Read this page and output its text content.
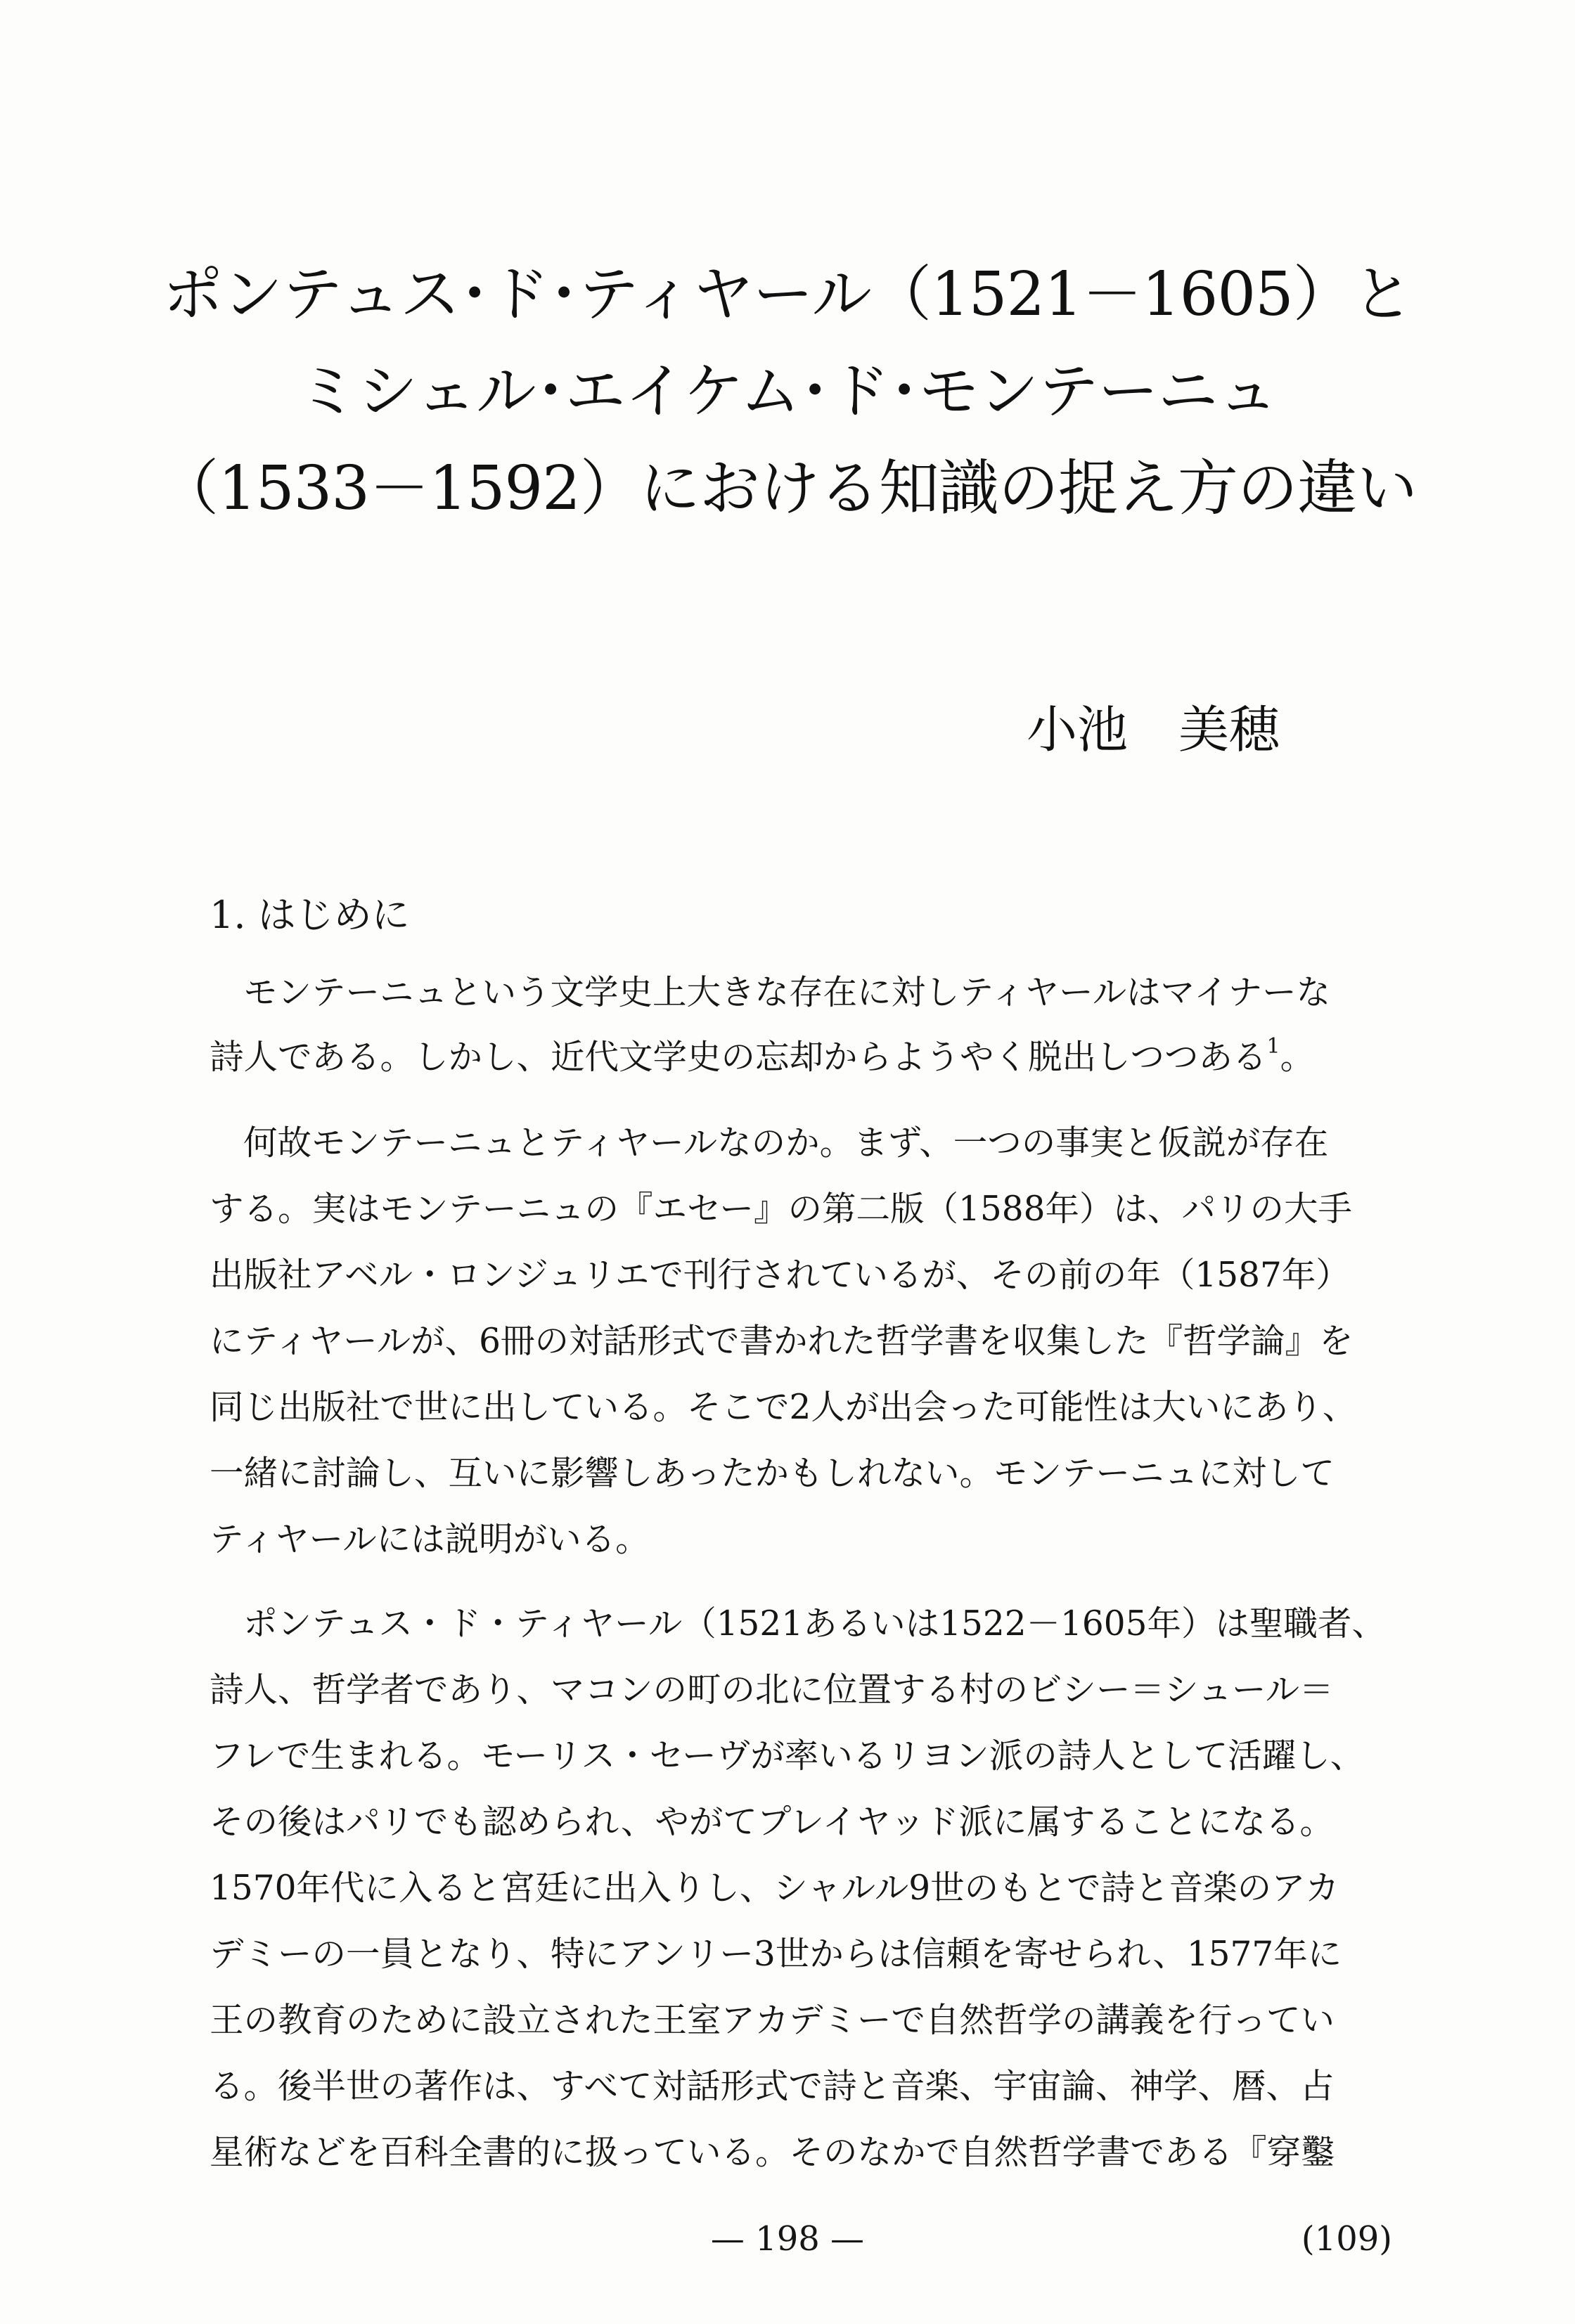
ポンテュス･ド･ティヤール（1521－1605）と
ミシェル･エイケム･ド･モンテーニュ
（1533－1592）における知識の捉え方の違い
小池　美穂
1. はじめに
モンテーニュという文学史上大きな存在に対しティヤールはマイナーな
詩人である。しかし、近代文学史の忘却からようやく脱出しつつある$^1$。
何故モンテーニュとティヤールなのか。まず、一つの事実と仮説が存在
する。実はモンテーニュの『エセー』の第二版（1588年）は、パリの大手
出版社アベル・ロンジュリエで刊行されているが、その前の年（1587年）
にティヤールが、6冊の対話形式で書かれた哲学書を収集した『哲学論』を
同じ出版社で世に出している。そこで2人が出会った可能性は大いにあり、
一緒に討論し、互いに影響しあったかもしれない。モンテーニュに対して
ティヤールには説明がいる。
ポンテュス・ド・ティヤール（1521あるいは1522－1605年）は聖職者、
詩人、哲学者であり、マコンの町の北に位置する村のビシー＝シュール＝
フレで生まれる。モーリス・セーヴが率いるリヨン派の詩人として活躍し、
その後はパリでも認められ、やがてプレイヤッド派に属することになる。
1570年代に入ると宮廷に出入りし、シャルル9世のもとで詩と音楽のアカ
デミーの一員となり、特にアンリー3世からは信頼を寄せられ、1577年に
王の教育のために設立された王室アカデミーで自然哲学の講義を行ってい
る。後半世の著作は、すべて対話形式で詩と音楽、宇宙論、神学、暦、占
星術などを百科全書的に扱っている。そのなかで自然哲学書である『穿鑿
— 198 —	(109)
